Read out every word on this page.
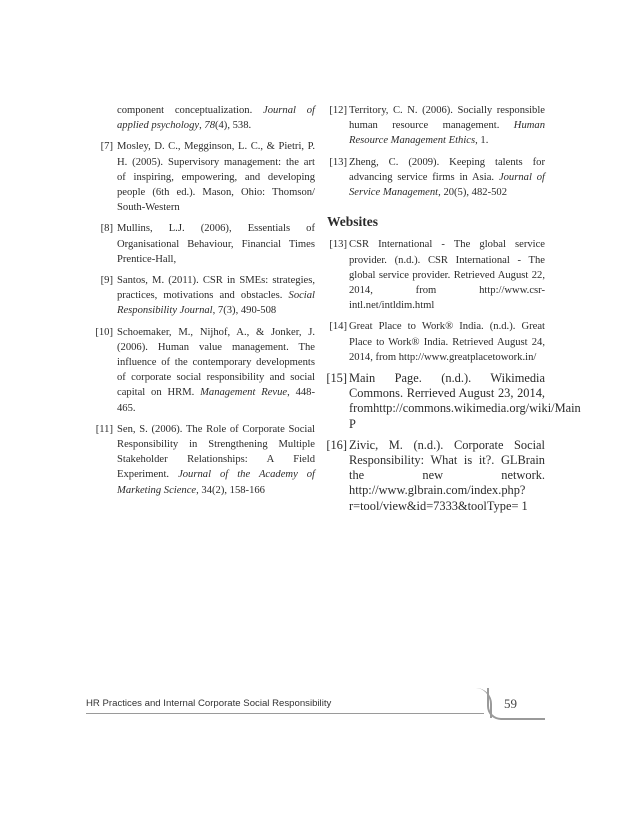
component conceptualization. Journal of applied psychology, 78(4), 538.
[7] Mosley, D. C., Megginson, L. C., & Pietri, P. H. (2005). Supervisory management: the art of inspiring, empowering, and developing people (6th ed.). Mason, Ohio: Thomson/ South-Western
[8] Mullins, L.J. (2006), Essentials of Organisational Behaviour, Financial Times Prentice-Hall,
[9] Santos, M. (2011). CSR in SMEs: strategies, practices, motivations and obstacles. Social Responsibility Journal, 7(3), 490-508
[10] Schoemaker, M., Nijhof, A., & Jonker, J. (2006). Human value management. The influence of the contemporary developments of corporate social responsibility and social capital on HRM. Management Revue, 448-465.
[11] Sen, S. (2006). The Role of Corporate Social Responsibility in Strengthening Multiple Stakeholder Relationships: A Field Experiment. Journal of the Academy of Marketing Science, 34(2), 158-166
[12] Territory, C. N. (2006). Socially responsible human resource management. Human Resource Management Ethics, 1.
[13] Zheng, C. (2009). Keeping talents for advancing service firms in Asia. Journal of Service Management, 20(5), 482-502
Websites
[13] CSR International - The global service provider. (n.d.). CSR International - The global service provider. Retrieved August 22, 2014, from http://www.csr-intl.net/intldim.html
[14] Great Place to Work® India. (n.d.). Great Place to Work® India. Retrieved August 24, 2014, from http://www.greatplacetowork.in/
[15] Main Page. (n.d.). Wikimedia Commons. Rerrieved August 23, 2014, fromhttp://commons.wikimedia.org/wiki/Main P
[16] Zivic, M. (n.d.). Corporate Social Responsibility: What is it?. GLBrain the new network. http://www.glbrain.com/index.php?r=tool/view&id=7333&toolType= 1
HR Practices and Internal Corporate Social Responsibility	59
